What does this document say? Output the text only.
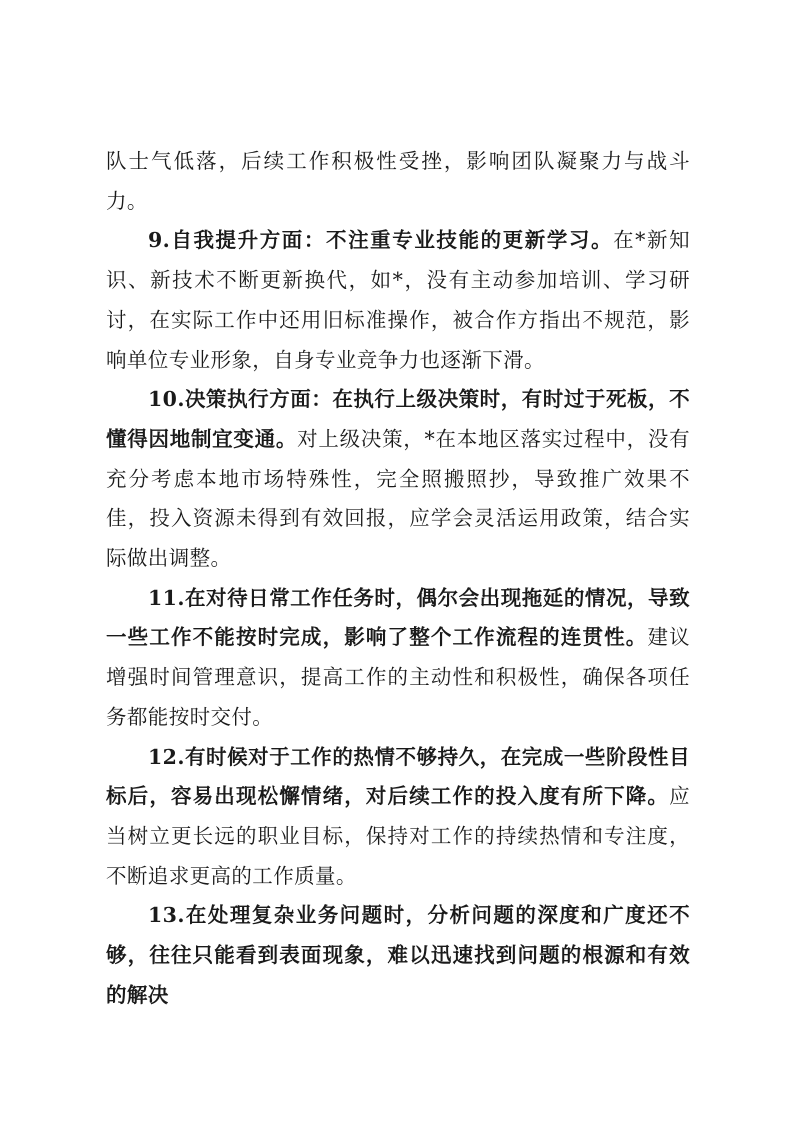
队士气低落，后续工作积极性受挫，影响团队凝聚力与战斗力。

9.自我提升方面：不注重专业技能的更新学习。在*新知识、新技术不断更新换代，如*，没有主动参加培训、学习研讨，在实际工作中还用旧标准操作，被合作方指出不规范，影响单位专业形象，自身专业竞争力也逐渐下滑。

10.决策执行方面：在执行上级决策时，有时过于死板，不懂得因地制宜变通。对上级决策，*在本地区落实过程中，没有充分考虑本地市场特殊性，完全照搬照抄，导致推广效果不佳，投入资源未得到有效回报，应学会灵活运用政策，结合实际做出调整。

11.在对待日常工作任务时，偶尔会出现拖延的情况，导致一些工作不能按时完成，影响了整个工作流程的连贯性。建议增强时间管理意识，提高工作的主动性和积极性，确保各项任务都能按时交付。

12.有时候对于工作的热情不够持久，在完成一些阶段性目标后，容易出现松懈情绪，对后续工作的投入度有所下降。应当树立更长远的职业目标，保持对工作的持续热情和专注度，不断追求更高的工作质量。

13.在处理复杂业务问题时，分析问题的深度和广度还不够，往往只能看到表面现象，难以迅速找到问题的根源和有效的解决
